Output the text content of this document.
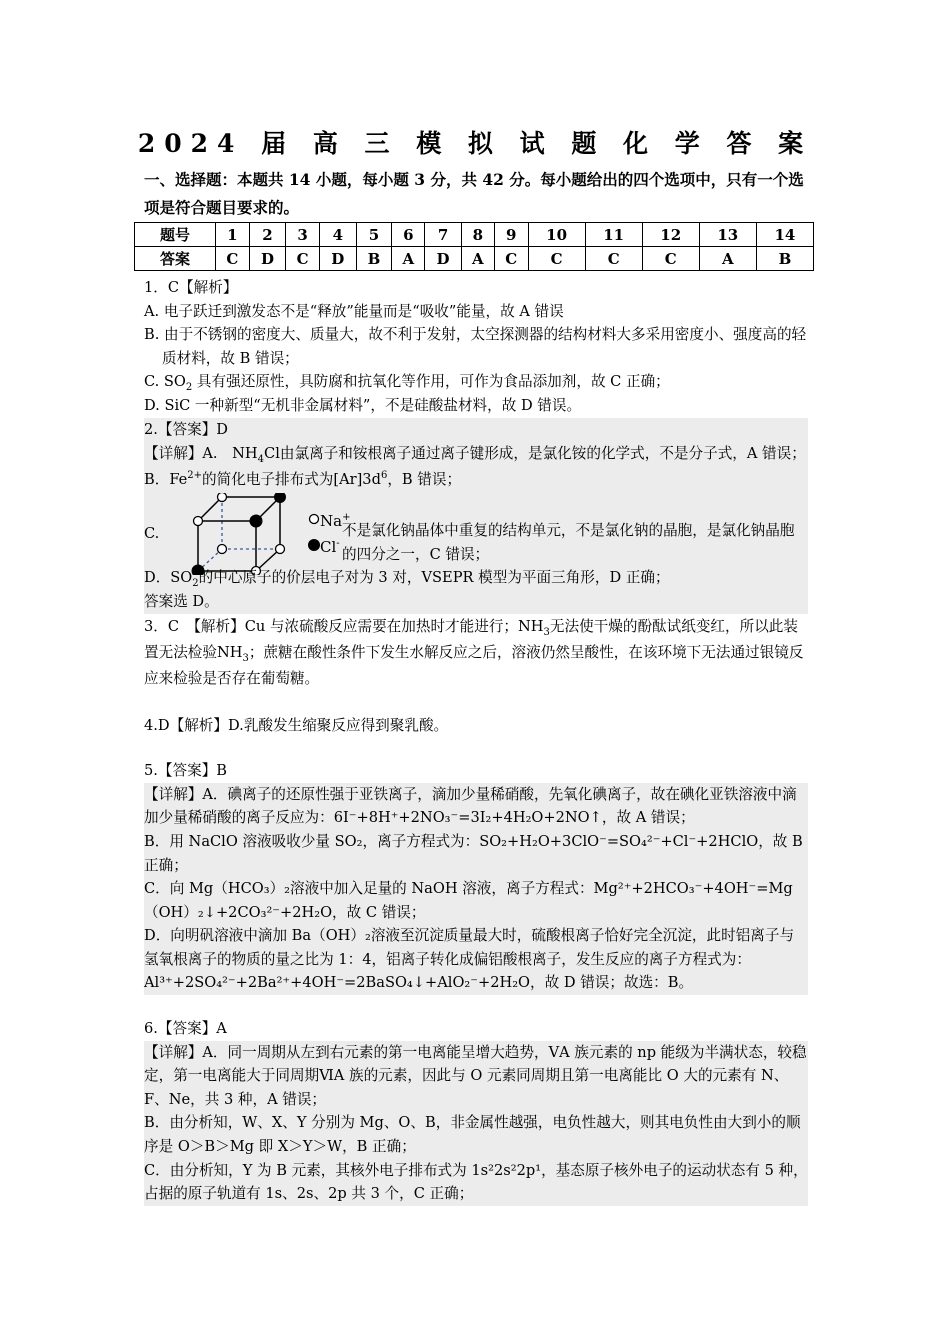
2024 届 高 三 模 拟 试 题 化 学 答 案

一、选择题：本题共 14 小题，每小题 3 分，共 42 分。每小题给出的四个选项中，只有一个选项是符合题目要求的。

题号	1	2	3	4	5	6	7	8	9	10	11	12	13	14
答案	C	D	C	D	B	A	D	A	C	C	C	C	A	B

1．C【解析】

A. 电子跃迁到激发态不是“释放”能量而是“吸收”能量，故 A 错误

B. 由于不锈钢的密度大、质量大，故不利于发射，太空探测器的结构材料大多采用密度小、强度高的轻质材料，故 B 错误；

C. $SO_2$ 具有强还原性，具防腐和抗氧化等作用，可作为食品添加剂，故 C 正确；

D. SiC 一种新型“无机非金属材料”，不是硅酸盐材料，故 D 错误。

2.【答案】D

【详解】A.　$NH_4Cl$由氯离子和铵根离子通过离子键形成，是氯化铵的化学式，不是分子式，A 错误；

B．$Fe^{2+}$的简化电子排布式为$[Ar]3d^6$，B 错误；

C.
Na+
Cl-

不是氯化钠晶体中重复的结构单元，不是氯化钠的晶胞，是氯化钠晶胞的四分之一，C 错误；

D．$SO_2$的中心原子的价层电子对为 3 对，VSEPR 模型为平面三角形，D 正确；

答案选 D。

3．C　【解析】Cu 与浓硫酸反应需要在加热时才能进行；$NH_3$无法使干燥的酚酞试纸变红，所以此装置无法检验$NH_3$；蔗糖在酸性条件下发生水解反应之后，溶液仍然呈酸性，在该环境下无法通过银镜反应来检验是否存在葡萄糖。

4.D【解析】D.乳酸发生缩聚反应得到聚乳酸。

5.【答案】B

【详解】A．碘离子的还原性强于亚铁离子，滴加少量稀硝酸，先氧化碘离子，故在碘化亚铁溶液中滴加少量稀硝酸的离子反应为：6I⁻+8H⁺+2NO₃⁻=3I₂+4H₂O+2NO↑，故 A 错误；

B．用 NaClO 溶液吸收少量 SO₂，离子方程式为：SO₂+H₂O+3ClO⁻=SO₄²⁻+Cl⁻+2HClO，故 B 正确；

C．向 Mg（HCO₃）₂溶液中加入足量的 NaOH 溶液，离子方程式：Mg²⁺+2HCO₃⁻+4OH⁻=Mg（OH）₂↓+2CO₃²⁻+2H₂O，故 C 错误；

D．向明矾溶液中滴加 Ba（OH）₂溶液至沉淀质量最大时，硫酸根离子恰好完全沉淀，此时铝离子与氢氧根离子的物质的量之比为 1：4，铝离子转化成偏铝酸根离子，发生反应的离子方程式为：Al³⁺+2SO₄²⁻+2Ba²⁺+4OH⁻=2BaSO₄↓+AlO₂⁻+2H₂O，故 D 错误；故选：B。

6.【答案】A

【详解】A．同一周期从左到右元素的第一电离能呈增大趋势，ⅤA 族元素的 np 能级为半满状态，较稳定，第一电离能大于同周期ⅥA 族的元素，因此与 O 元素同周期且第一电离能比 O 大的元素有 N、F、Ne，共 3 种，A 错误；

B．由分析知，W、X、Y 分别为 Mg、O、B，非金属性越强，电负性越大，则其电负性由大到小的顺序是 O＞B＞Mg 即 X＞Y＞W，B 正确；

C．由分析知，Y 为 B 元素，其核外电子排布式为 1s²2s²2p¹，基态原子核外电子的运动状态有 5 种，占据的原子轨道有 1s、2s、2p 共 3 个，C 正确；
